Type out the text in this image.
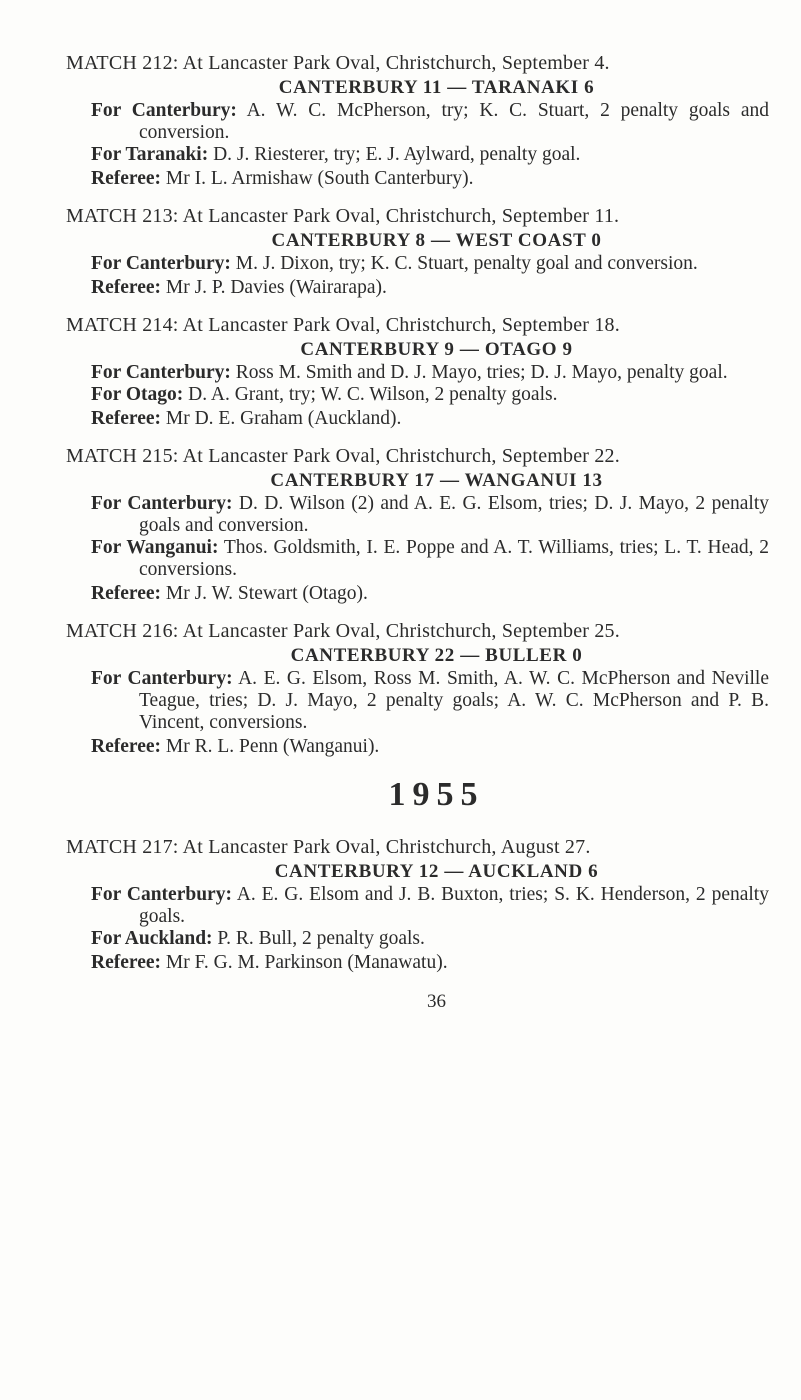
MATCH 212: At Lancaster Park Oval, Christchurch, September 4.
CANTERBURY 11 — TARANAKI 6
For Canterbury: A. W. C. McPherson, try; K. C. Stuart, 2 penalty goals and conversion.
For Taranaki: D. J. Riesterer, try; E. J. Aylward, penalty goal.
Referee: Mr I. L. Armishaw (South Canterbury).
MATCH 213: At Lancaster Park Oval, Christchurch, September 11.
CANTERBURY 8 — WEST COAST 0
For Canterbury: M. J. Dixon, try; K. C. Stuart, penalty goal and conversion.
Referee: Mr J. P. Davies (Wairarapa).
MATCH 214: At Lancaster Park Oval, Christchurch, September 18.
CANTERBURY 9 — OTAGO 9
For Canterbury: Ross M. Smith and D. J. Mayo, tries; D. J. Mayo, penalty goal.
For Otago: D. A. Grant, try; W. C. Wilson, 2 penalty goals.
Referee: Mr D. E. Graham (Auckland).
MATCH 215: At Lancaster Park Oval, Christchurch, September 22.
CANTERBURY 17 — WANGANUI 13
For Canterbury: D. D. Wilson (2) and A. E. G. Elsom, tries; D. J. Mayo, 2 penalty goals and conversion.
For Wanganui: Thos. Goldsmith, I. E. Poppe and A. T. Williams, tries; L. T. Head, 2 conversions.
Referee: Mr J. W. Stewart (Otago).
MATCH 216: At Lancaster Park Oval, Christchurch, September 25.
CANTERBURY 22 — BULLER 0
For Canterbury: A. E. G. Elsom, Ross M. Smith, A. W. C. McPherson and Neville Teague, tries; D. J. Mayo, 2 penalty goals; A. W. C. McPherson and P. B. Vincent, conversions.
Referee: Mr R. L. Penn (Wanganui).
1955
MATCH 217: At Lancaster Park Oval, Christchurch, August 27.
CANTERBURY 12 — AUCKLAND 6
For Canterbury: A. E. G. Elsom and J. B. Buxton, tries; S. K. Henderson, 2 penalty goals.
For Auckland: P. R. Bull, 2 penalty goals.
Referee: Mr F. G. M. Parkinson (Manawatu).
36
